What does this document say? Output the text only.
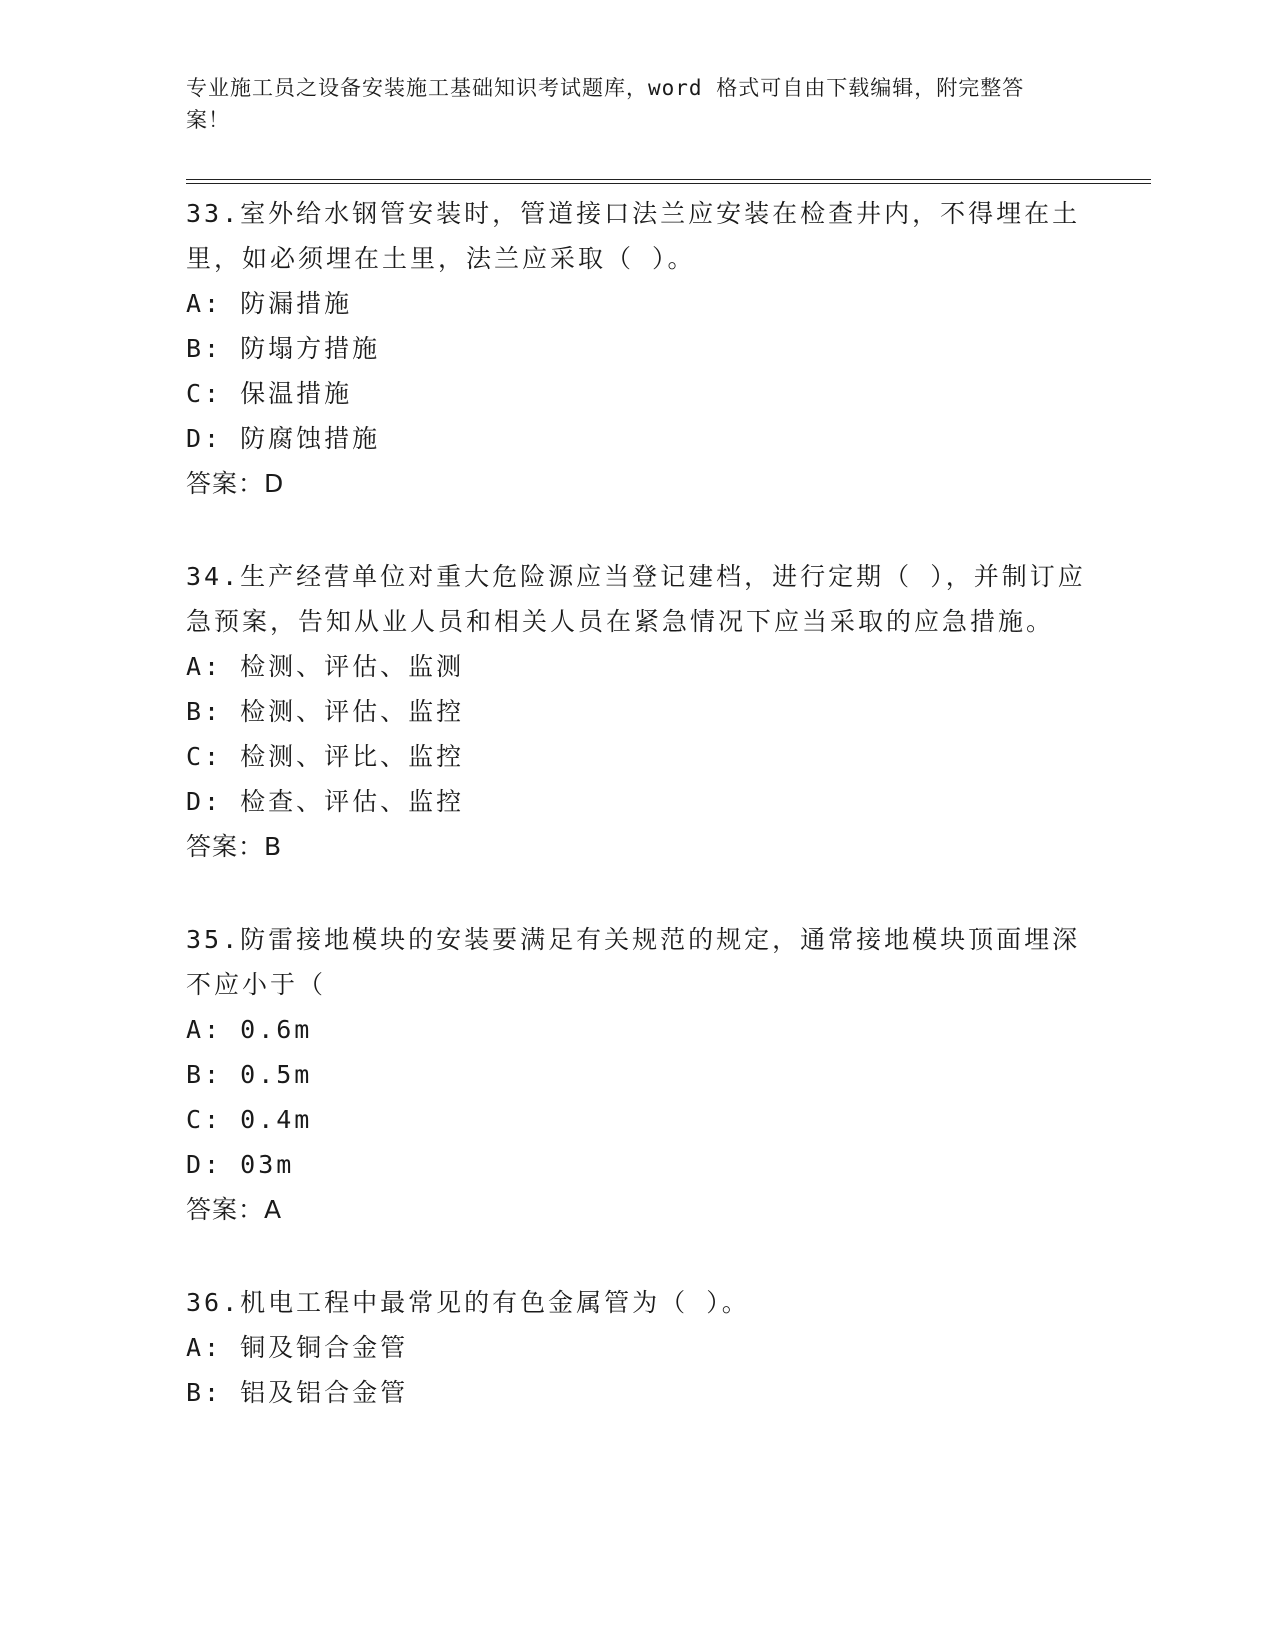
专业施工员之设备安装施工基础知识考试题库，word 格式可自由下载编辑，附完整答案！
33.室外给水钢管安装时，管道接口法兰应安装在检查井内，不得埋在土里，如必须埋在土里，法兰应采取（ ）。
A: 防漏措施
B: 防塌方措施
C: 保温措施
D: 防腐蚀措施
答案：D
34.生产经营单位对重大危险源应当登记建档，进行定期（ ），并制订应急预案，告知从业人员和相关人员在紧急情况下应当采取的应急措施。
A: 检测、评估、监测
B: 检测、评估、监控
C: 检测、评比、监控
D: 检查、评估、监控
答案：B
35.防雷接地模块的安装要满足有关规范的规定，通常接地模块顶面埋深不应小于（
A: 0.6m
B: 0.5m
C: 0.4m
D: 03m
答案：A
36.机电工程中最常见的有色金属管为（ ）。
A: 铜及铜合金管
B: 铝及铝合金管
